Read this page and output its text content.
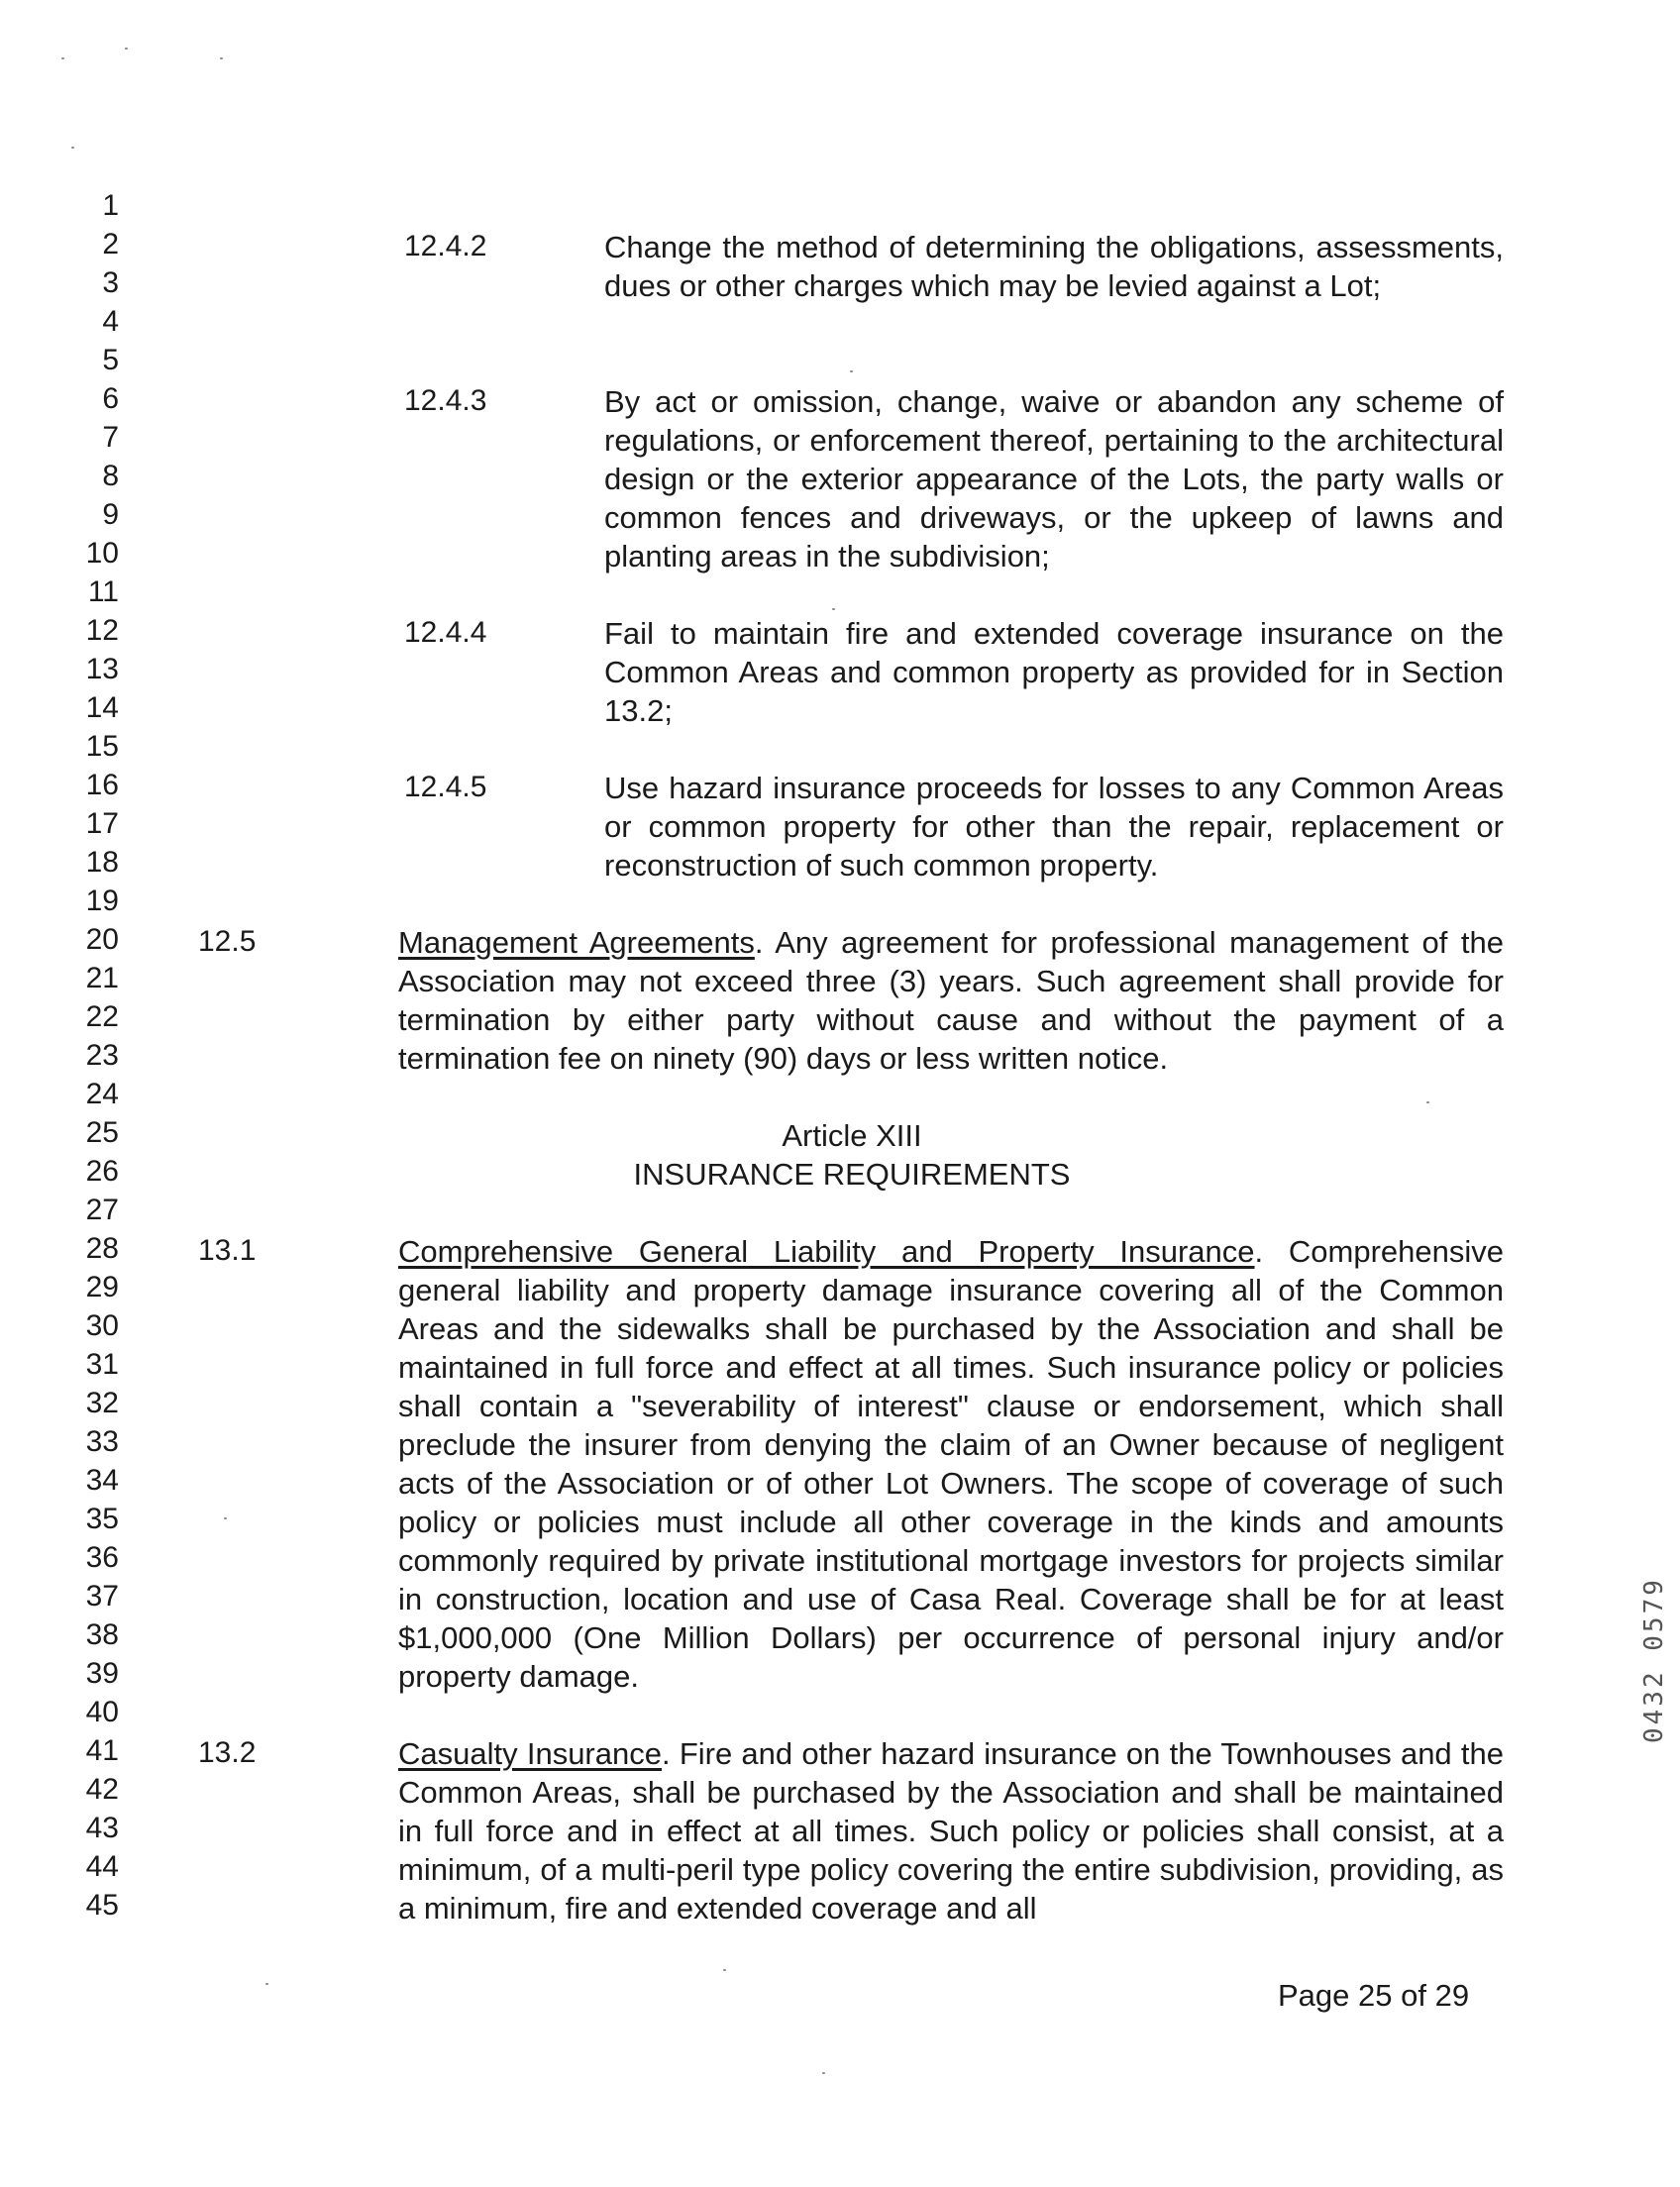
1
2
3
4
5
6
7
8
9
10
11
12
13
14
15
16
17
18
19
20
21
22
23
24
25
26
27
28
29
30
31
32
33
34
35
36
37
38
39
40
41
42
43
44
45
12.4.2	Change the method of determining the obligations, assessments, dues or other charges which may be levied against a Lot;

12.4.3	By act or omission, change, waive or abandon any scheme of regulations, or enforcement thereof, pertaining to the architectural design or the exterior appearance of the Lots, the party walls or common fences and driveways, or the upkeep of lawns and planting areas in the subdivision;

12.4.4	Fail to maintain fire and extended coverage insurance on the Common Areas and common property as provided for in Section 13.2;

12.4.5	Use hazard insurance proceeds for losses to any Common Areas or common property for other than the repair, replacement or reconstruction of such common property.

12.5	Management Agreements. Any agreement for professional management of the Association may not exceed three (3) years. Such agreement shall provide for termination by either party without cause and without the payment of a termination fee on ninety (90) days or less written notice.

Article XIII
INSURANCE REQUIREMENTS
13.1	Comprehensive General Liability and Property Insurance. Comprehensive general liability and property damage insurance covering all of the Common Areas and the sidewalks shall be purchased by the Association and shall be maintained in full force and effect at all times. Such insurance policy or policies shall contain a "severability of interest" clause or endorsement, which shall preclude the insurer from denying the claim of an Owner because of negligent acts of the Association or of other Lot Owners. The scope of coverage of such policy or policies must include all other coverage in the kinds and amounts commonly required by private institutional mortgage investors for projects similar in construction, location and use of Casa Real. Coverage shall be for at least $1,000,000 (One Million Dollars) per occurrence of personal injury and/or property damage.

13.2	Casualty Insurance. Fire and other hazard insurance on the Townhouses and the Common Areas, shall be purchased by the Association and shall be maintained in full force and in effect at all times. Such policy or policies shall consist, at a minimum, of a multi-peril type policy covering the entire subdivision, providing, as a minimum, fire and extended coverage and all

Page 25 of 29
0432 0579
